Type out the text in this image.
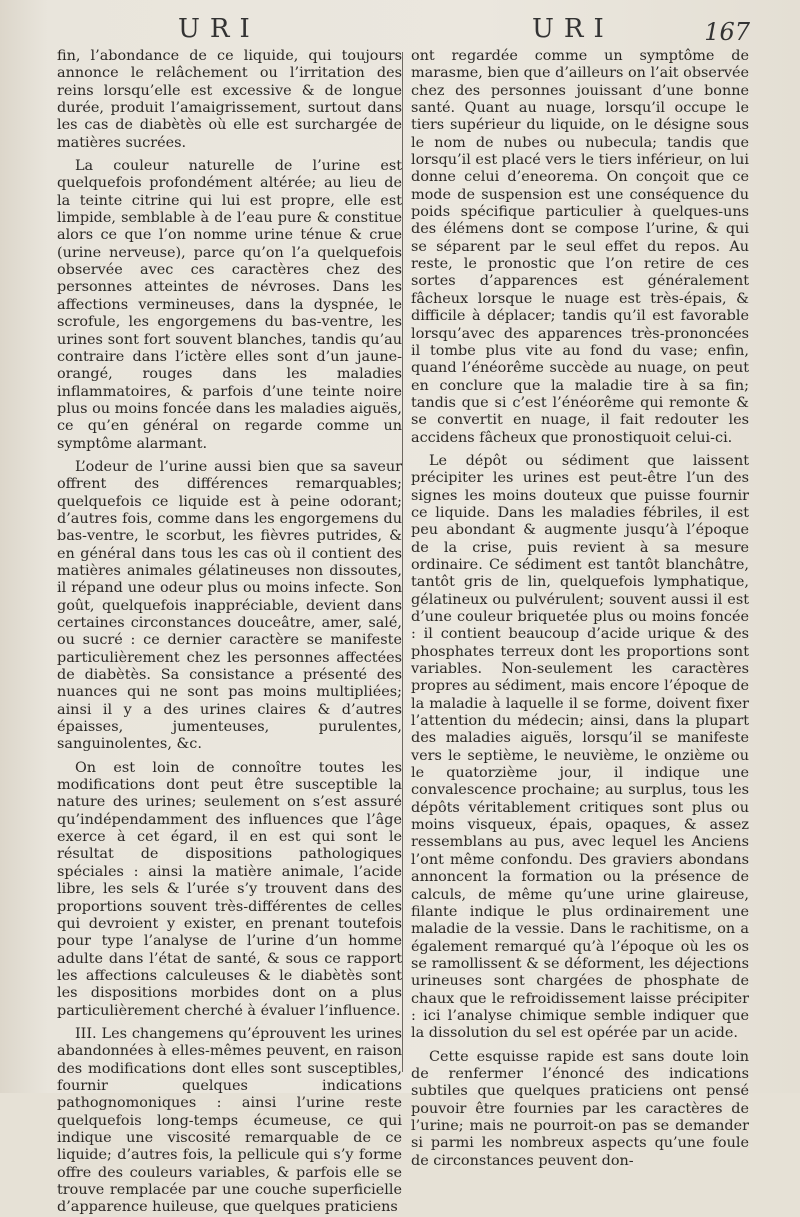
URI	URI	167

fin, l’abondance de ce liquide, qui toujours annonce le relâchement ou l’irritation des reins lorsqu’elle est excessive & de longue durée, produit l’amaigrissement, surtout dans les cas de diabètès où elle est surchargée de matières sucrées.

La couleur naturelle de l’urine est quelquefois profondément altérée; au lieu de la teinte citrine qui lui est propre, elle est limpide, semblable à de l’eau pure & constitue alors ce que l’on nomme urine ténue & crue (urine nerveuse), parce qu’on l’a quelquefois observée avec ces caractères chez des personnes atteintes de névroses. Dans les affections vermineuses, dans la dyspnée, le scrofule, les engorgemens du bas-ventre, les urines sont fort souvent blanches, tandis qu’au contraire dans l’ictère elles sont d’un jaune-orangé, rouges dans les maladies inflammatoires, & parfois d’une teinte noire plus ou moins foncée dans les maladies aiguës, ce qu’en général on regarde comme un symptôme alarmant.

L’odeur de l’urine aussi bien que sa saveur offrent des différences remarquables; quelquefois ce liquide est à peine odorant; d’autres fois, comme dans les engorgemens du bas-ventre, le scorbut, les fièvres putrides, & en général dans tous les cas où il contient des matières animales gélatineuses non dissoutes, il répand une odeur plus ou moins infecte. Son goût, quelquefois inappréciable, devient dans certaines circonstances douceâtre, amer, salé, ou sucré : ce dernier caractère se manifeste particulièrement chez les personnes affectées de diabètès. Sa consistance a présenté des nuances qui ne sont pas moins multipliées; ainsi il y a des urines claires & d’autres épaisses, jumenteuses, purulentes, sanguinolentes, &c.

On est loin de connoître toutes les modifications dont peut être susceptible la nature des urines; seulement on s’est assuré qu’indépendamment des influences que l’âge exerce à cet égard, il en est qui sont le résultat de dispositions pathologiques spéciales : ainsi la matière animale, l’acide libre, les sels & l’urée s’y trouvent dans des proportions souvent très-différentes de celles qui devroient y exister, en prenant toutefois pour type l’analyse de l’urine d’un homme adulte dans l’état de santé, & sous ce rapport les affections calculeuses & le diabètès sont les dispositions morbides dont on a plus particulièrement cherché à évaluer l’influence.

III. Les changemens qu’éprouvent les urines abandonnées à elles-mêmes peuvent, en raison des modifications dont elles sont susceptibles, fournir quelques indications pathognomoniques : ainsi l’urine reste quelquefois long-temps écumeuse, ce qui indique une viscosité remarquable de ce liquide; d’autres fois, la pellicule qui s’y forme offre des couleurs variables, & parfois elle se trouve remplacée par une couche superficielle d’apparence huileuse, que quelques praticiens

ont regardée comme un symptôme de marasme, bien que d’ailleurs on l’ait observée chez des personnes jouissant d’une bonne santé. Quant au nuage, lorsqu’il occupe le tiers supérieur du liquide, on le désigne sous le nom de nubes ou nubecula; tandis que lorsqu’il est placé vers le tiers inférieur, on lui donne celui d’eneorema. On conçoit que ce mode de suspension est une conséquence du poids spécifique particulier à quelques-uns des élémens dont se compose l’urine, & qui se séparent par le seul effet du repos. Au reste, le pronostic que l’on retire de ces sortes d’apparences est généralement fâcheux lorsque le nuage est très-épais, & difficile à déplacer; tandis qu’il est favorable lorsqu’avec des apparences très-prononcées il tombe plus vite au fond du vase; enfin, quand l’énéorême succède au nuage, on peut en conclure que la maladie tire à sa fin; tandis que si c’est l’énéorême qui remonte & se convertit en nuage, il fait redouter les accidens fâcheux que pronostiquoit celui-ci.

Le dépôt ou sédiment que laissent précipiter les urines est peut-être l’un des signes les moins douteux que puisse fournir ce liquide. Dans les maladies fébriles, il est peu abondant & augmente jusqu’à l’époque de la crise, puis revient à sa mesure ordinaire. Ce sédiment est tantôt blanchâtre, tantôt gris de lin, quelquefois lymphatique, gélatineux ou pulvérulent; souvent aussi il est d’une couleur briquetée plus ou moins foncée : il contient beaucoup d’acide urique & des phosphates terreux dont les proportions sont variables. Non-seulement les caractères propres au sédiment, mais encore l’époque de la maladie à laquelle il se forme, doivent fixer l’attention du médecin; ainsi, dans la plupart des maladies aiguës, lorsqu’il se manifeste vers le septième, le neuvième, le onzième ou le quatorzième jour, il indique une convalescence prochaine; au surplus, tous les dépôts véritablement critiques sont plus ou moins visqueux, épais, opaques, & assez ressemblans au pus, avec lequel les Anciens l’ont même confondu. Des graviers abondans annoncent la formation ou la présence de calculs, de même qu’une urine glaireuse, filante indique le plus ordinairement une maladie de la vessie. Dans le rachitisme, on a également remarqué qu’à l’époque où les os se ramollissent & se déforment, les déjections urineuses sont chargées de phosphate de chaux que le refroidissement laisse précipiter : ici l’analyse chimique semble indiquer que la dissolution du sel est opérée par un acide.

Cette esquisse rapide est sans doute loin de renfermer l’énoncé des indications subtiles que quelques praticiens ont pensé pouvoir être fournies par les caractères de l’urine; mais ne pourroit-on pas se demander si parmi les nombreux aspects qu’une foule de circonstances peuvent don-
